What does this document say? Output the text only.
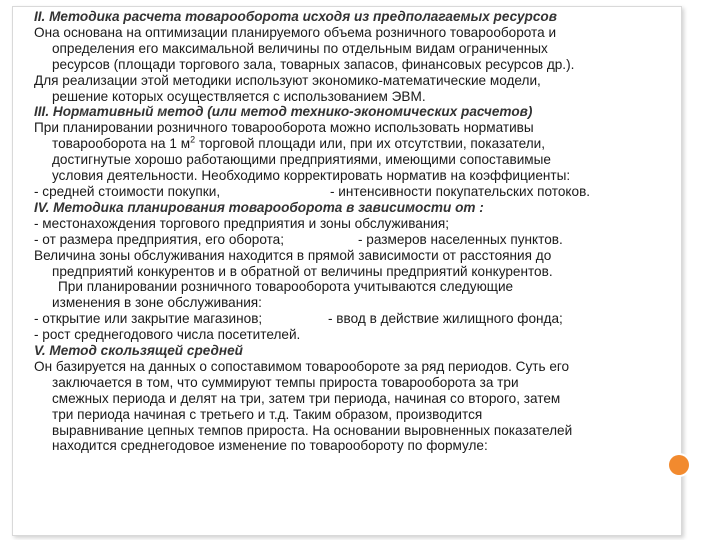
II. Методика расчета товарооборота исходя из предполагаемых ресурсов

Она основана на оптимизации планируемого объема розничного товарооборота и

определения его максимальной величины по отдельным видам ограниченных

ресурсов (площади торгового зала, товарных запасов, финансовых ресурсов др.).

Для реализации этой методики используют экономико-математические модели,

решение которых осуществляется с использованием ЭВМ.

III. Нормативный метод (или метод технико-экономических расчетов)

При планировании розничного товарооборота можно использовать нормативы

товарооборота на 1 $м^2$ торговой площади или, при их отсутствии, показатели,

достигнутые хорошо работающими предприятиями, имеющими сопоставимые

условия деятельности. Необходимо корректировать норматив на коэффициенты:

- средней стоимости покупки,	- интенсивности покупательских потоков.

IV. Методика планирования товарооборота в зависимости от :

- местонахождения торгового предприятия и зоны обслуживания;

- от размера предприятия, его оборота;	- размеров населенных пунктов.

Величина зоны обслуживания находится в прямой зависимости от расстояния до

предприятий конкурентов и в обратной от величины предприятий конкурентов.

При планировании розничного товарооборота учитываются следующие

изменения в зоне обслуживания:

- открытие или закрытие магазинов;	- ввод в действие жилищного фонда;

- рост среднегодового числа посетителей.

V. Метод скользящей средней

Он базируется на данных о сопоставимом товарообороте за ряд периодов. Суть его

заключается в том, что суммируют темпы прироста товарооборота за три

смежных периода и делят на три, затем три периода, начиная со второго, затем

три периода начиная с третьего и т.д. Таким образом, производится

выравнивание цепных темпов прироста. На основании выровненных показателей

находится среднегодовое изменение по товарообороту по формуле:
